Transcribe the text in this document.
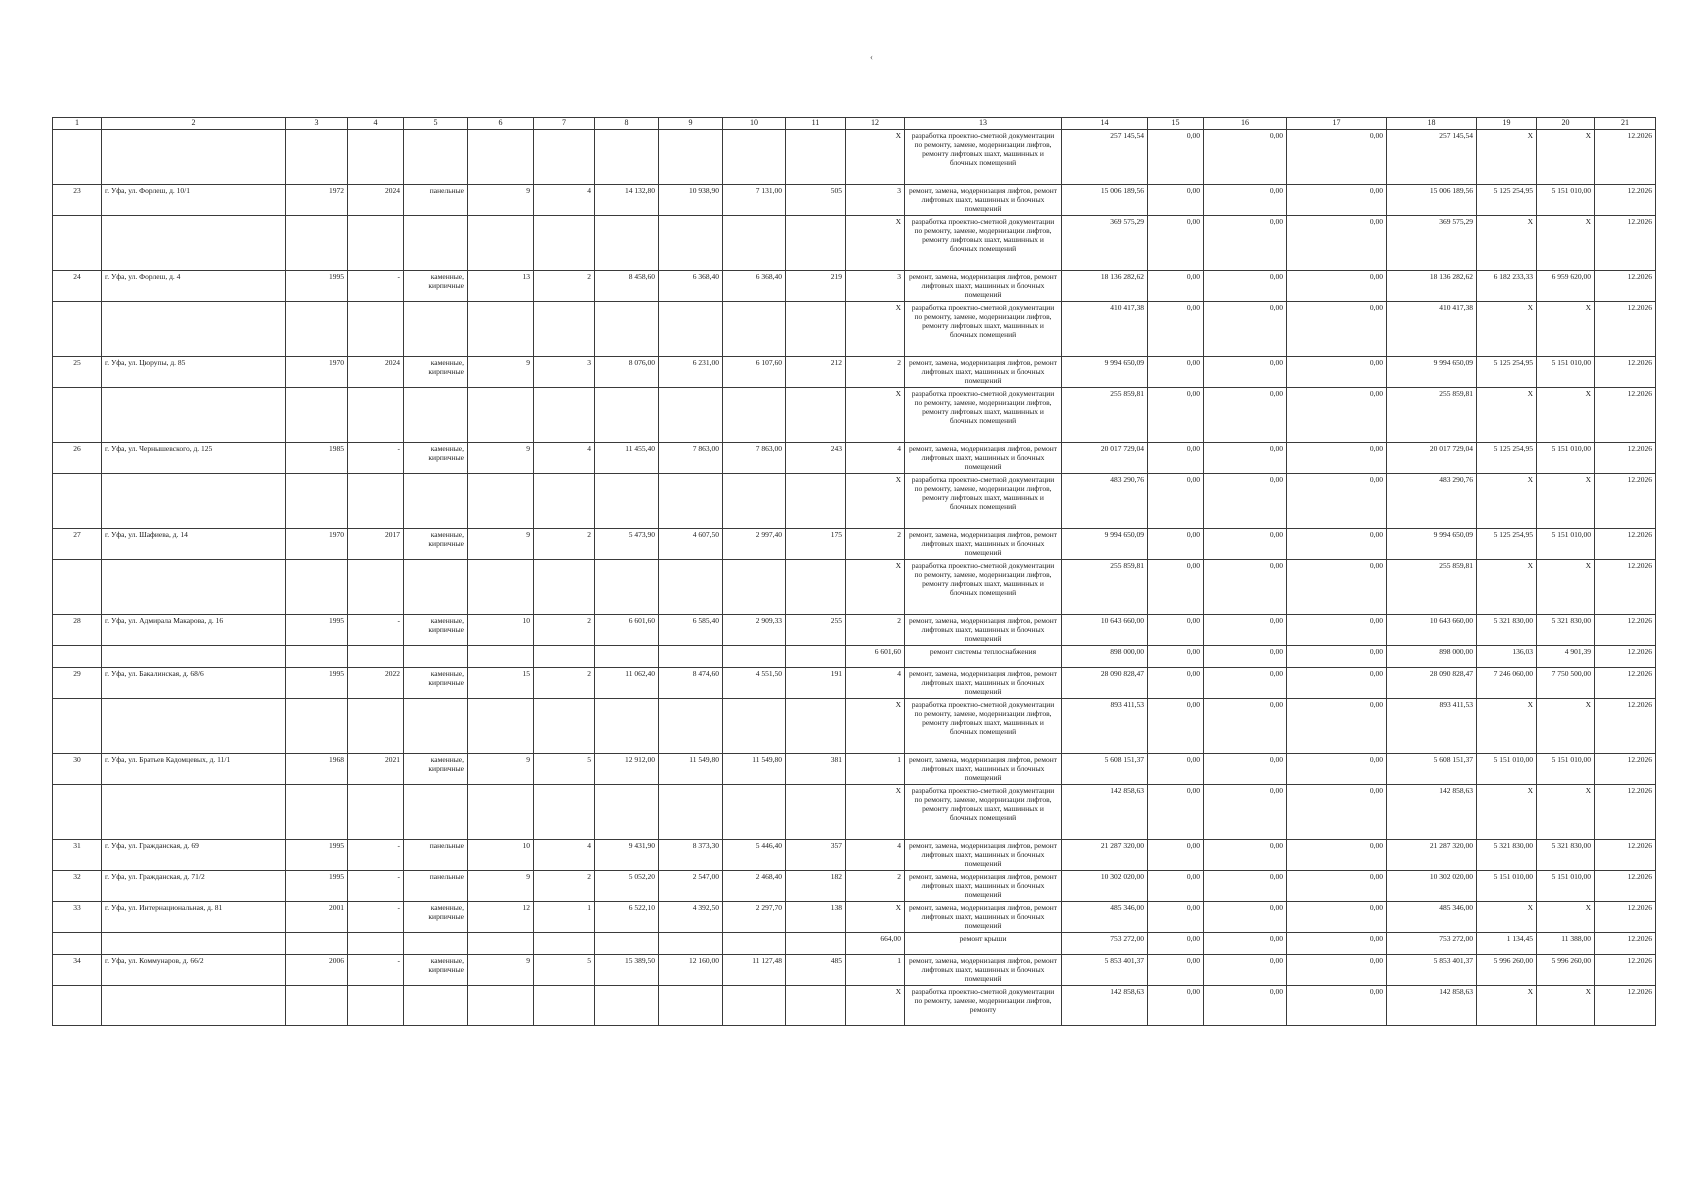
‹
1	2	3	4	5	6	7	8	9	10	11	12	13	14	15	16	17	18	19	20	21
											X	разработка проектно-сметной документации по ремонту, замене, модернизации лифтов, ремонту лифтовых шахт, машинных и блочных помещений	257 145,54	0,00	0,00	0,00	257 145,54	X	X	12.2026
23	г. Уфа, ул. Форлеш, д. 10/1	1972	2024	панельные	9	4	14 132,80	10 938,90	7 131,00	505	3	ремонт, замена, модернизация лифтов, ремонт лифтовых шахт, машинных и блочных помещений	15 006 189,56	0,00	0,00	0,00	15 006 189,56	5 125 254,95	5 151 010,00	12.2026
											X	разработка проектно-сметной документации по ремонту, замене, модернизации лифтов, ремонту лифтовых шахт, машинных и блочных помещений	369 575,29	0,00	0,00	0,00	369 575,29	X	X	12.2026
24	г. Уфа, ул. Форлеш, д. 4	1995	-	каменные, кирпичные	13	2	8 458,60	6 368,40	6 368,40	219	3	ремонт, замена, модернизация лифтов, ремонт лифтовых шахт, машинных и блочных помещений	18 136 282,62	0,00	0,00	0,00	18 136 282,62	6 182 233,33	6 959 620,00	12.2026
											X	разработка проектно-сметной документации по ремонту, замене, модернизации лифтов, ремонту лифтовых шахт, машинных и блочных помещений	410 417,38	0,00	0,00	0,00	410 417,38	X	X	12.2026
25	г. Уфа, ул. Цюрупы, д. 85	1970	2024	каменные, кирпичные	9	3	8 076,00	6 231,00	6 107,60	212	2	ремонт, замена, модернизация лифтов, ремонт лифтовых шахт, машинных и блочных помещений	9 994 650,09	0,00	0,00	0,00	9 994 650,09	5 125 254,95	5 151 010,00	12.2026
											X	разработка проектно-сметной документации по ремонту, замене, модернизации лифтов, ремонту лифтовых шахт, машинных и блочных помещений	255 859,81	0,00	0,00	0,00	255 859,81	X	X	12.2026
26	г. Уфа, ул. Чернышевского, д. 125	1985	-	каменные, кирпичные	9	4	11 455,40	7 863,00	7 863,00	243	4	ремонт, замена, модернизация лифтов, ремонт лифтовых шахт, машинных и блочных помещений	20 017 729,04	0,00	0,00	0,00	20 017 729,04	5 125 254,95	5 151 010,00	12.2026
											X	разработка проектно-сметной документации по ремонту, замене, модернизации лифтов, ремонту лифтовых шахт, машинных и блочных помещений	483 290,76	0,00	0,00	0,00	483 290,76	X	X	12.2026
27	г. Уфа, ул. Шафиева, д. 14	1970	2017	каменные, кирпичные	9	2	5 473,90	4 607,50	2 997,40	175	2	ремонт, замена, модернизация лифтов, ремонт лифтовых шахт, машинных и блочных помещений	9 994 650,09	0,00	0,00	0,00	9 994 650,09	5 125 254,95	5 151 010,00	12.2026
											X	разработка проектно-сметной документации по ремонту, замене, модернизации лифтов, ремонту лифтовых шахт, машинных и блочных помещений	255 859,81	0,00	0,00	0,00	255 859,81	X	X	12.2026
28	г. Уфа, ул. Адмирала Макарова, д. 16	1995	-	каменные, кирпичные	10	2	6 601,60	6 585,40	2 909,33	255	2	ремонт, замена, модернизация лифтов, ремонт лифтовых шахт, машинных и блочных помещений	10 643 660,00	0,00	0,00	0,00	10 643 660,00	5 321 830,00	5 321 830,00	12.2026
											6 601,60	ремонт системы теплоснабжения	898 000,00	0,00	0,00	0,00	898 000,00	136,03	4 901,39	12.2026
29	г. Уфа, ул. Бакалинская, д. 68/6	1995	2022	каменные, кирпичные	15	2	11 062,40	8 474,60	4 551,50	191	4	ремонт, замена, модернизация лифтов, ремонт лифтовых шахт, машинных и блочных помещений	28 090 828,47	0,00	0,00	0,00	28 090 828,47	7 246 060,00	7 750 500,00	12.2026
											X	разработка проектно-сметной документации по ремонту, замене, модернизации лифтов, ремонту лифтовых шахт, машинных и блочных помещений	893 411,53	0,00	0,00	0,00	893 411,53	X	X	12.2026
30	г. Уфа, ул. Братьев Кадомцевых, д. 11/1	1968	2021	каменные, кирпичные	9	5	12 912,00	11 549,80	11 549,80	381	1	ремонт, замена, модернизация лифтов, ремонт лифтовых шахт, машинных и блочных помещений	5 608 151,37	0,00	0,00	0,00	5 608 151,37	5 151 010,00	5 151 010,00	12.2026
											X	разработка проектно-сметной документации по ремонту, замене, модернизации лифтов, ремонту лифтовых шахт, машинных и блочных помещений	142 858,63	0,00	0,00	0,00	142 858,63	X	X	12.2026
31	г. Уфа, ул. Гражданская, д. 69	1995	-	панельные	10	4	9 431,90	8 373,30	5 446,40	357	4	ремонт, замена, модернизация лифтов, ремонт лифтовых шахт, машинных и блочных помещений	21 287 320,00	0,00	0,00	0,00	21 287 320,00	5 321 830,00	5 321 830,00	12.2026
32	г. Уфа, ул. Гражданская, д. 71/2	1995	-	панельные	9	2	5 052,20	2 547,00	2 468,40	182	2	ремонт, замена, модернизация лифтов, ремонт лифтовых шахт, машинных и блочных помещений	10 302 020,00	0,00	0,00	0,00	10 302 020,00	5 151 010,00	5 151 010,00	12.2026
33	г. Уфа, ул. Интернациональная, д. 81	2001	-	каменные, кирпичные	12	1	6 522,10	4 392,50	2 297,70	138	X	ремонт, замена, модернизация лифтов, ремонт лифтовых шахт, машинных и блочных помещений	485 346,00	0,00	0,00	0,00	485 346,00	X	X	12.2026
											664,00	ремонт крыши	753 272,00	0,00	0,00	0,00	753 272,00	1 134,45	11 388,00	12.2026
34	г. Уфа, ул. Коммунаров, д. 66/2	2006	-	каменные, кирпичные	9	5	15 389,50	12 160,00	11 127,48	485	1	ремонт, замена, модернизация лифтов, ремонт лифтовых шахт, машинных и блочных помещений	5 853 401,37	0,00	0,00	0,00	5 853 401,37	5 996 260,00	5 996 260,00	12.2026
											X	разработка проектно-сметной документации по ремонту, замене, модернизации лифтов, ремонту	142 858,63	0,00	0,00	0,00	142 858,63	X	X	12.2026
